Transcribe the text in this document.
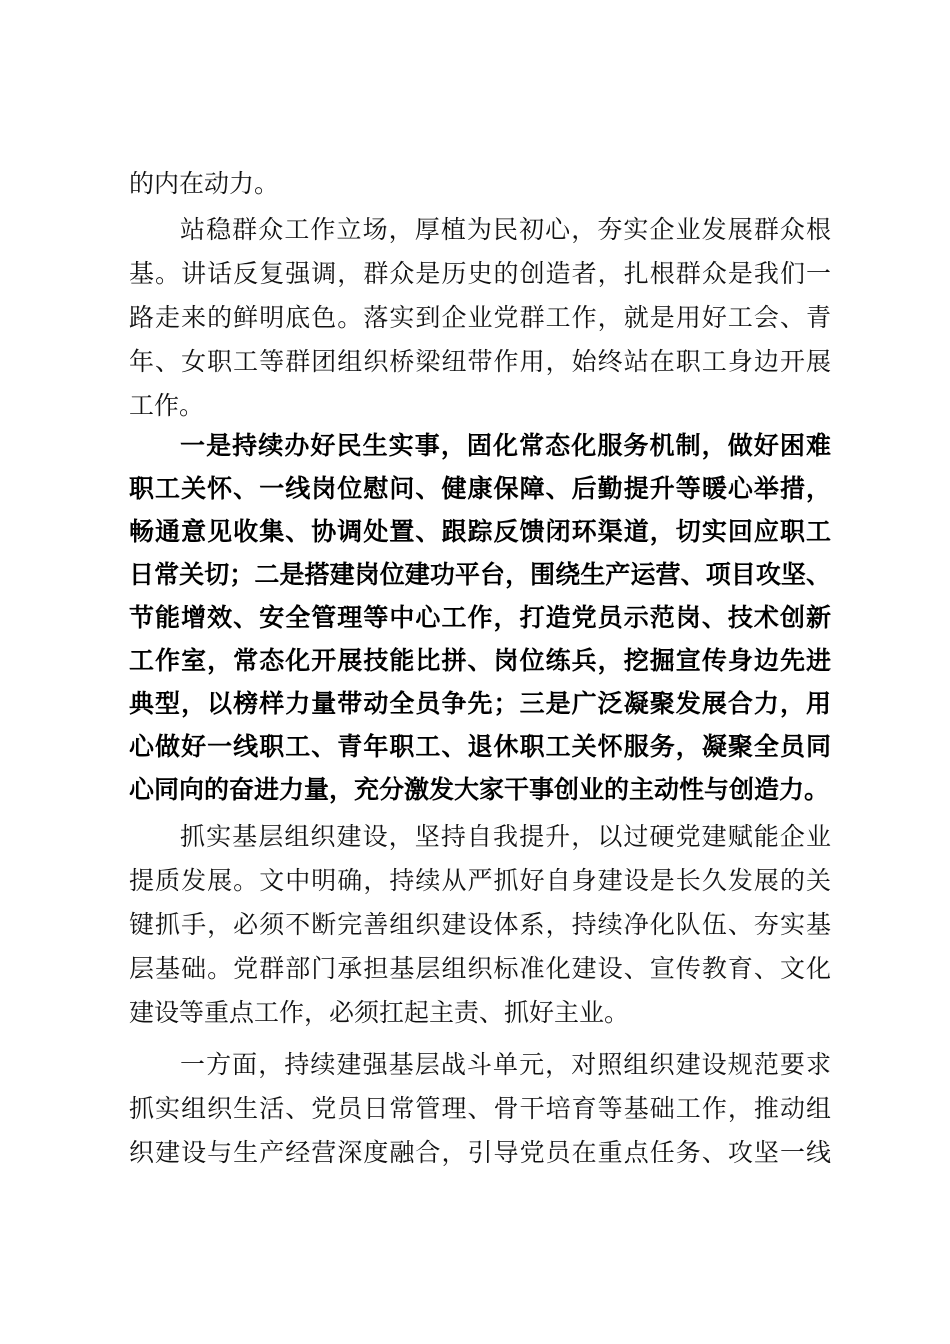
的内在动力。
站稳群众工作立场，厚植为民初心，夯实企业发展群众根
基。讲话反复强调，群众是历史的创造者，扎根群众是我们一
路走来的鲜明底色。落实到企业党群工作，就是用好工会、青
年、女职工等群团组织桥梁纽带作用，始终站在职工身边开展
工作。
一是持续办好民生实事，固化常态化服务机制，做好困难
职工关怀、一线岗位慰问、健康保障、后勤提升等暖心举措，
畅通意见收集、协调处置、跟踪反馈闭环渠道，切实回应职工
日常关切；二是搭建岗位建功平台，围绕生产运营、项目攻坚、
节能增效、安全管理等中心工作，打造党员示范岗、技术创新
工作室，常态化开展技能比拼、岗位练兵，挖掘宣传身边先进
典型，以榜样力量带动全员争先；三是广泛凝聚发展合力，用
心做好一线职工、青年职工、退休职工关怀服务，凝聚全员同
心同向的奋进力量，充分激发大家干事创业的主动性与创造力。
抓实基层组织建设，坚持自我提升，以过硬党建赋能企业
提质发展。文中明确，持续从严抓好自身建设是长久发展的关
键抓手，必须不断完善组织建设体系，持续净化队伍、夯实基
层基础。党群部门承担基层组织标准化建设、宣传教育、文化
建设等重点工作，必须扛起主责、抓好主业。
一方面，持续建强基层战斗单元，对照组织建设规范要求
抓实组织生活、党员日常管理、骨干培育等基础工作，推动组
织建设与生产经营深度融合，引导党员在重点任务、攻坚一线
